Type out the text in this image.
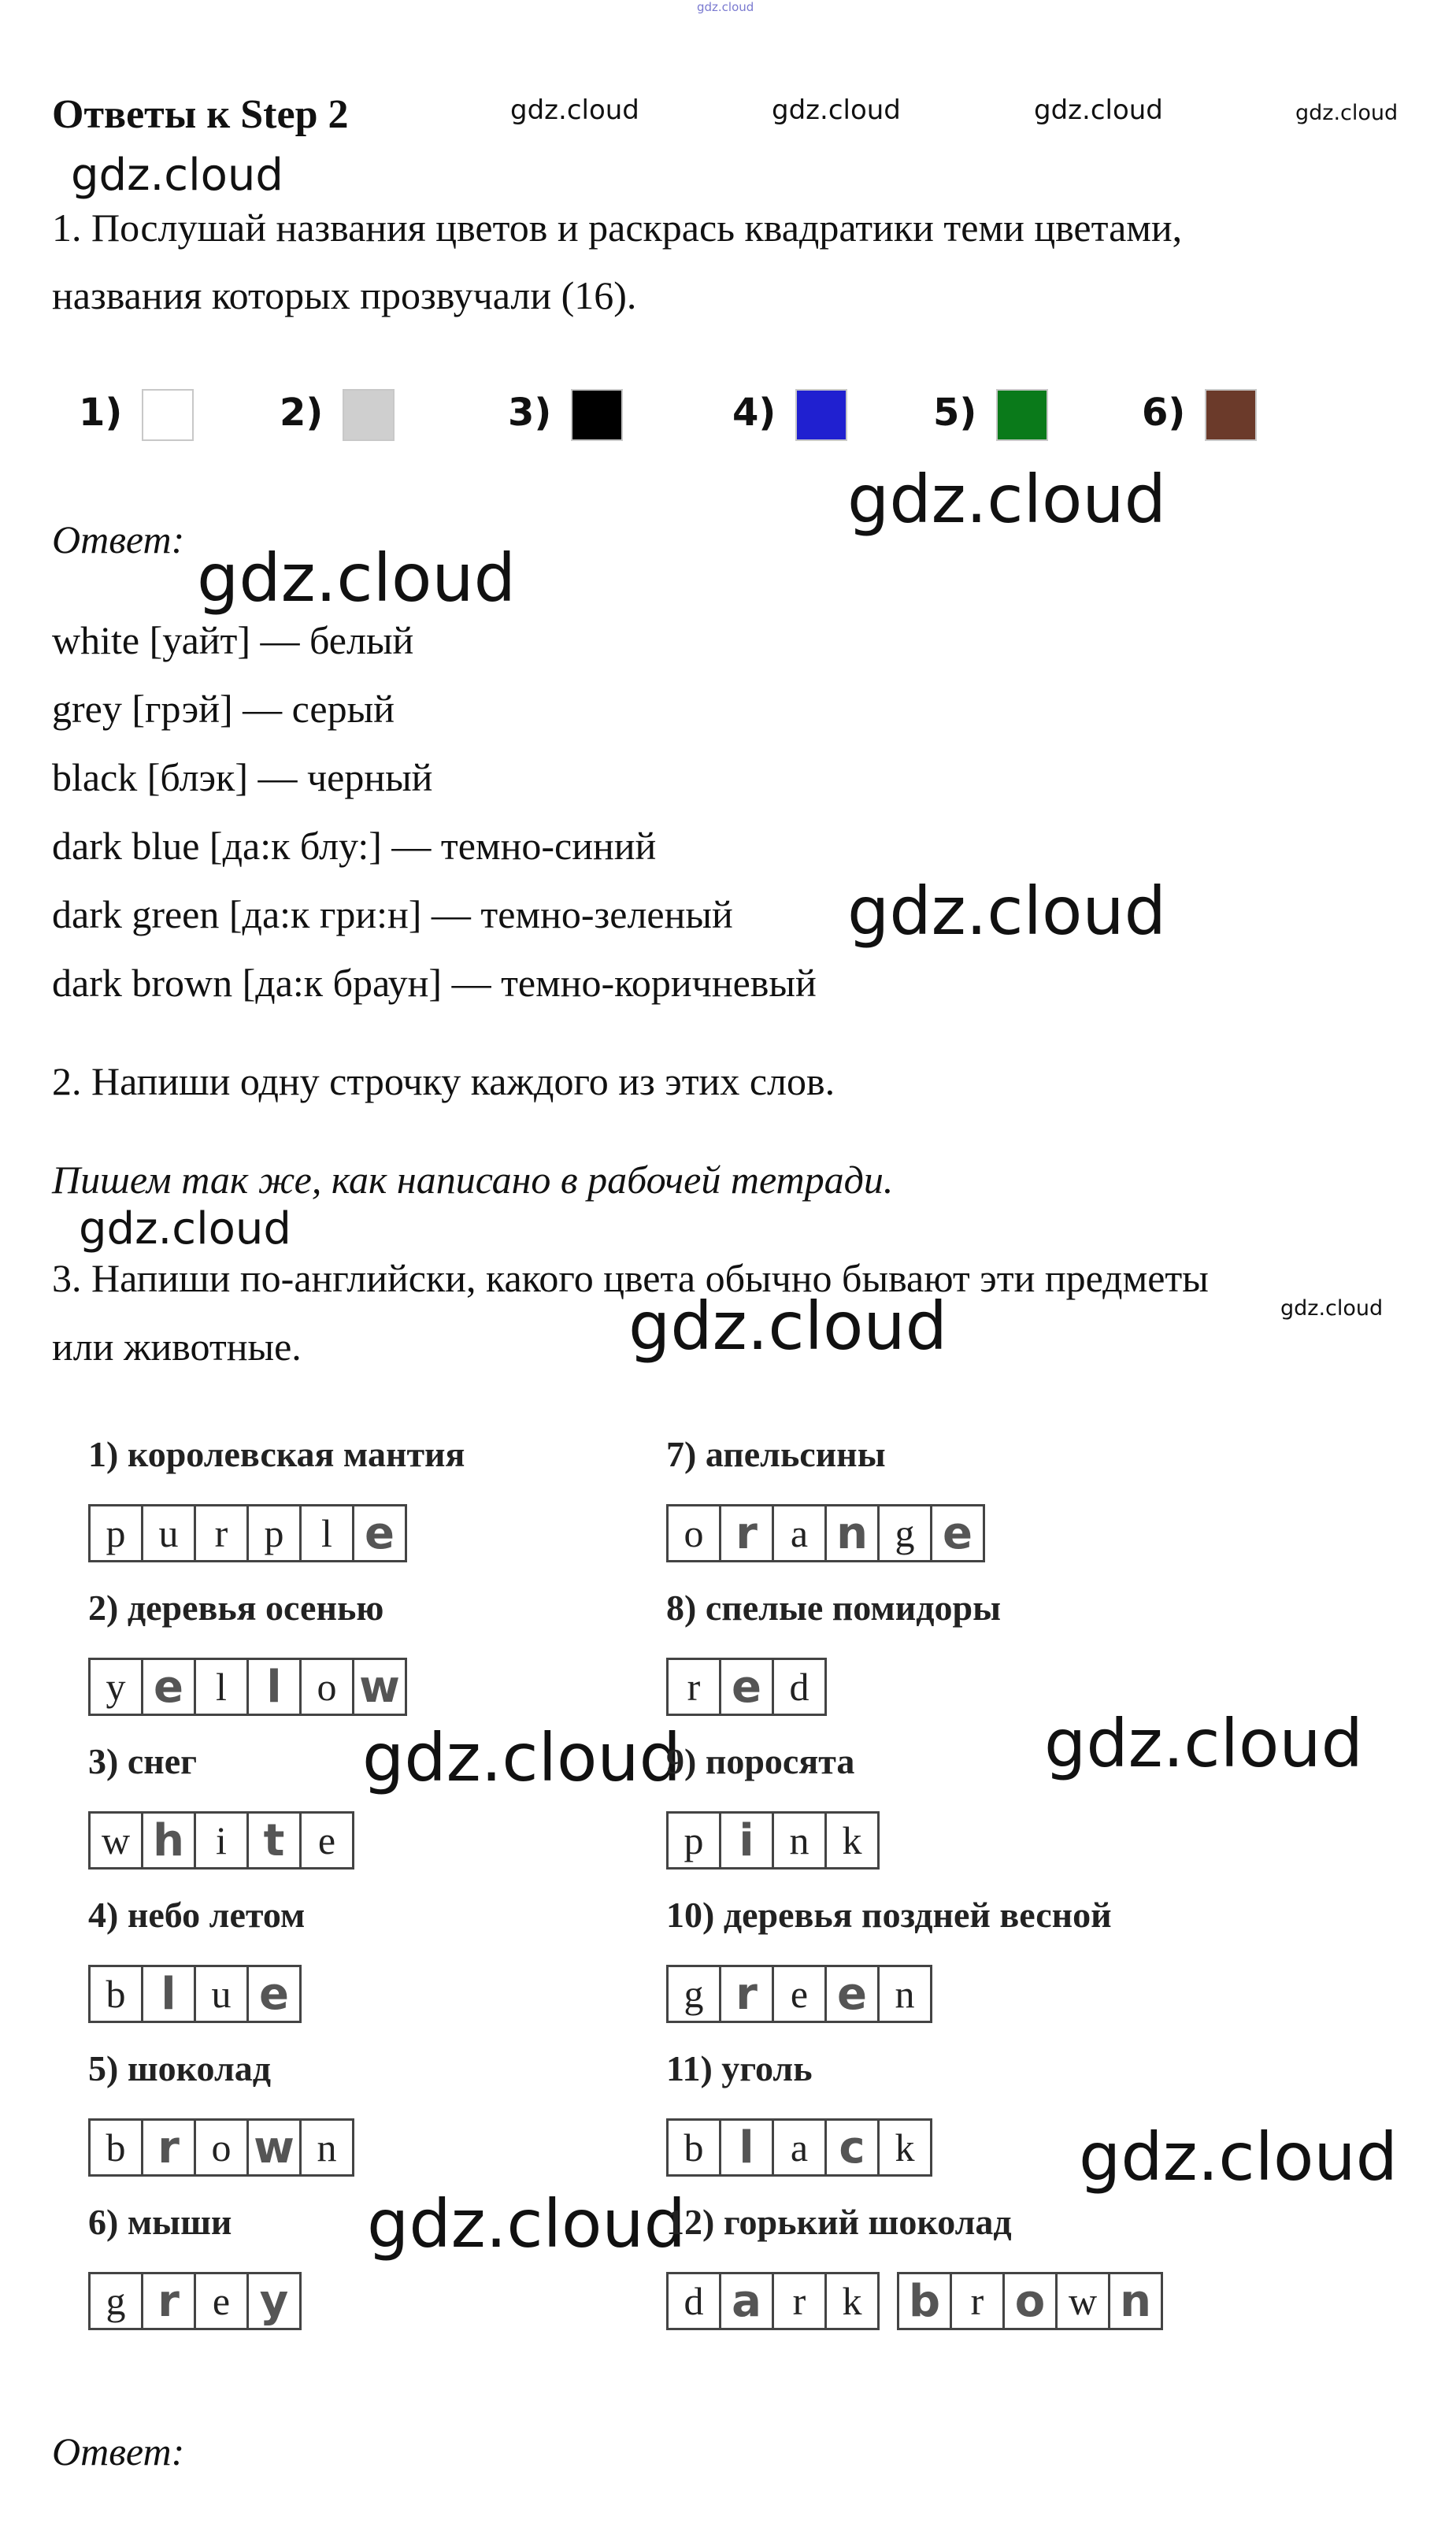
gdz.cloud
gdz.cloud	gdz.cloud	gdz.cloud	gdz.cloud
gdz.cloud
gdz.cloud
gdz.cloud
gdz.cloud
gdz.cloud
gdz.cloud
gdz.cloud
gdz.cloud	gdz.cloud
gdz.cloud
gdz.cloud
Ответы к Step 2
1. Послушай названия цветов и раскрась квадратики теми цветами,
названия которых прозвучали (16).
1)	2)	3)	4)	5)	6)
Ответ:
white [уайт] — белый
grey [грэй] — серый
black [блэк] — черный
dark blue [да:к блу:] — темно-синий
dark green [да:к гри:н] — темно-зеленый
dark brown [да:к браун] — темно-коричневый
2. Напиши одну строчку каждого из этих слов.
Пишем так же, как написано в рабочей тетради.
3. Напиши по-английски, какого цвета обычно бывают эти предметы
или животные.
1) королевская мантия
p u r p l e
2) деревья осенью
y e l l o w
3) снег
w h i t e
4) небо летом
b l u e
5) шоколад
b r o w n
6) мыши
g r e y
7) апельсины
o r a n g e
8) спелые помидоры
r e d
9) поросята
p i n k
10) деревья поздней весной
g r e e n
11) уголь
b l a c k
12) горький шоколад
d a r k	b r o w n
Ответ:
